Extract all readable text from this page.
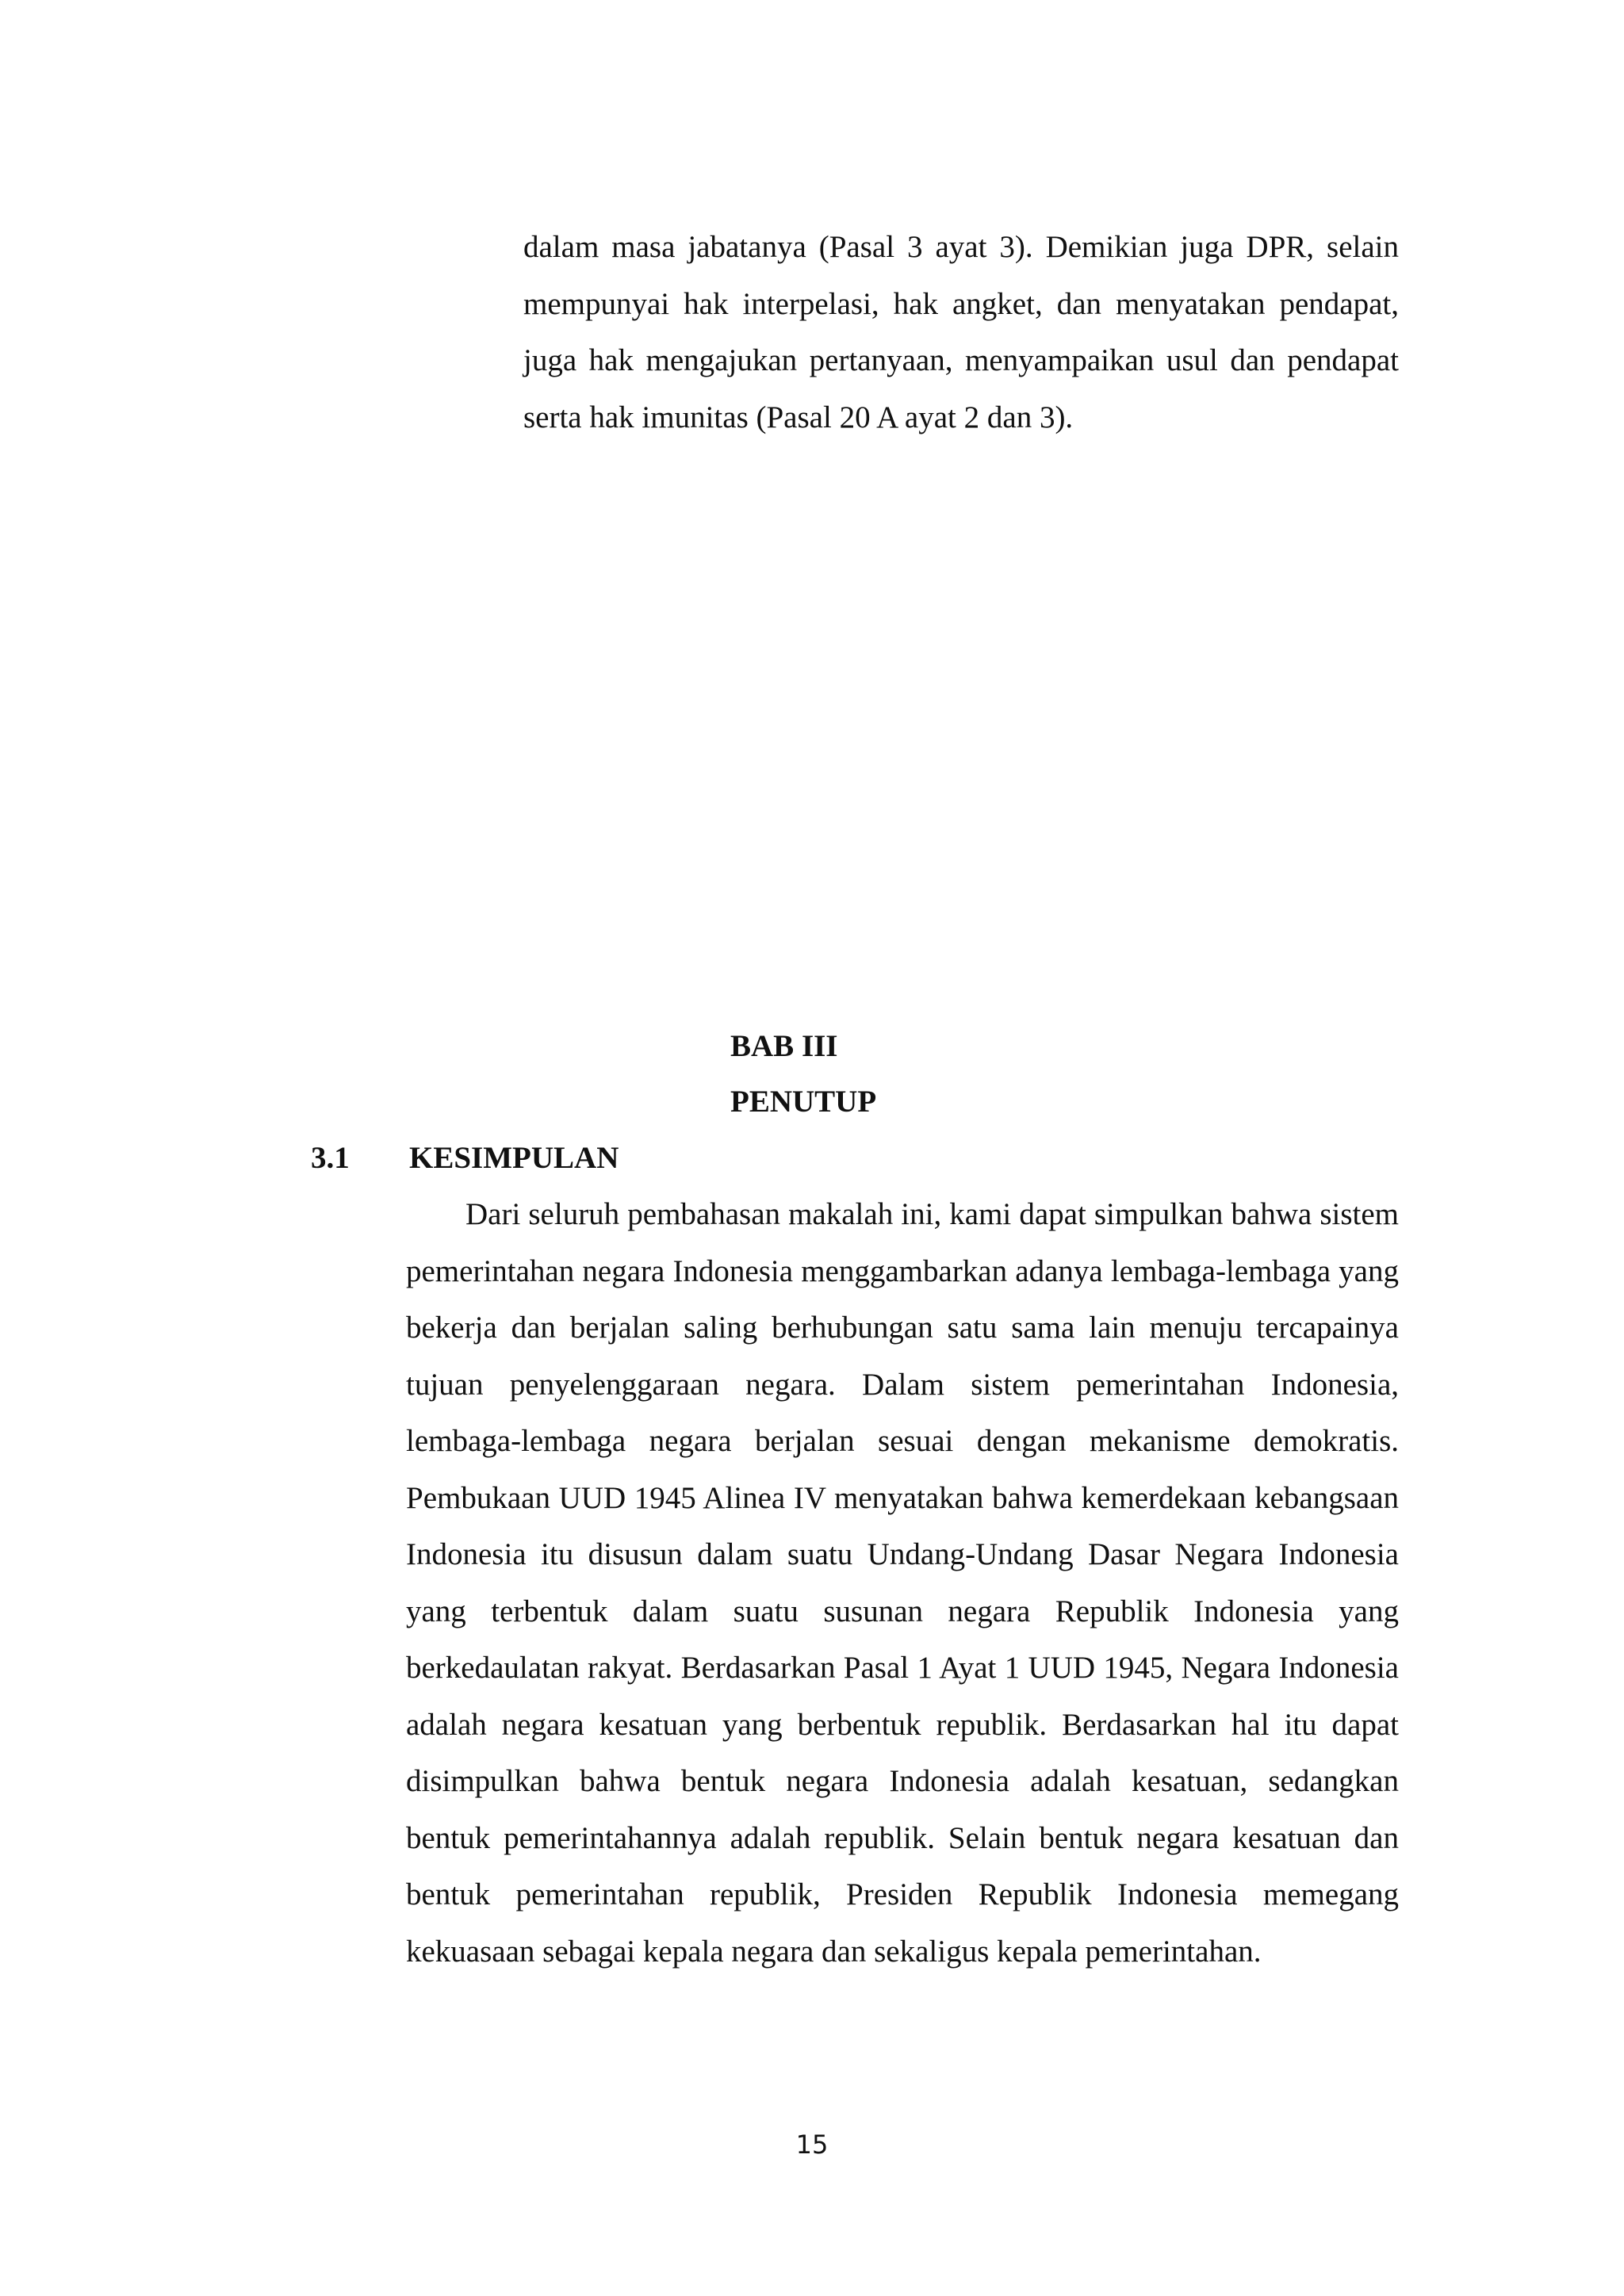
dalam masa jabatanya (Pasal 3 ayat 3). Demikian juga DPR, selain mempunyai hak interpelasi, hak angket, dan menyatakan pendapat, juga hak mengajukan pertanyaan, menyampaikan usul dan pendapat serta hak imunitas (Pasal 20 A ayat 2 dan 3).

BAB III
PENUTUP
3.1 KESIMPULAN

Dari seluruh pembahasan makalah ini, kami dapat simpulkan bahwa sistem pemerintahan negara Indonesia menggambarkan adanya lembaga-lembaga yang bekerja dan berjalan saling berhubungan satu sama lain menuju tercapainya tujuan penyelenggaraan negara. Dalam sistem pemerintahan Indonesia, lembaga-lembaga negara berjalan sesuai dengan mekanisme demokratis. Pembukaan UUD 1945 Alinea IV menyatakan bahwa kemerdekaan kebangsaan Indonesia itu disusun dalam suatu Undang-Undang Dasar Negara Indonesia yang terbentuk dalam suatu susunan negara Republik Indonesia yang berkedaulatan rakyat. Berdasarkan Pasal 1 Ayat 1 UUD 1945, Negara Indonesia adalah negara kesatuan yang berbentuk republik. Berdasarkan hal itu dapat disimpulkan bahwa bentuk negara Indonesia adalah kesatuan, sedangkan bentuk pemerintahannya adalah republik. Selain bentuk negara kesatuan dan bentuk pemerintahan republik, Presiden Republik Indonesia memegang kekuasaan sebagai kepala negara dan sekaligus kepala pemerintahan.

15
